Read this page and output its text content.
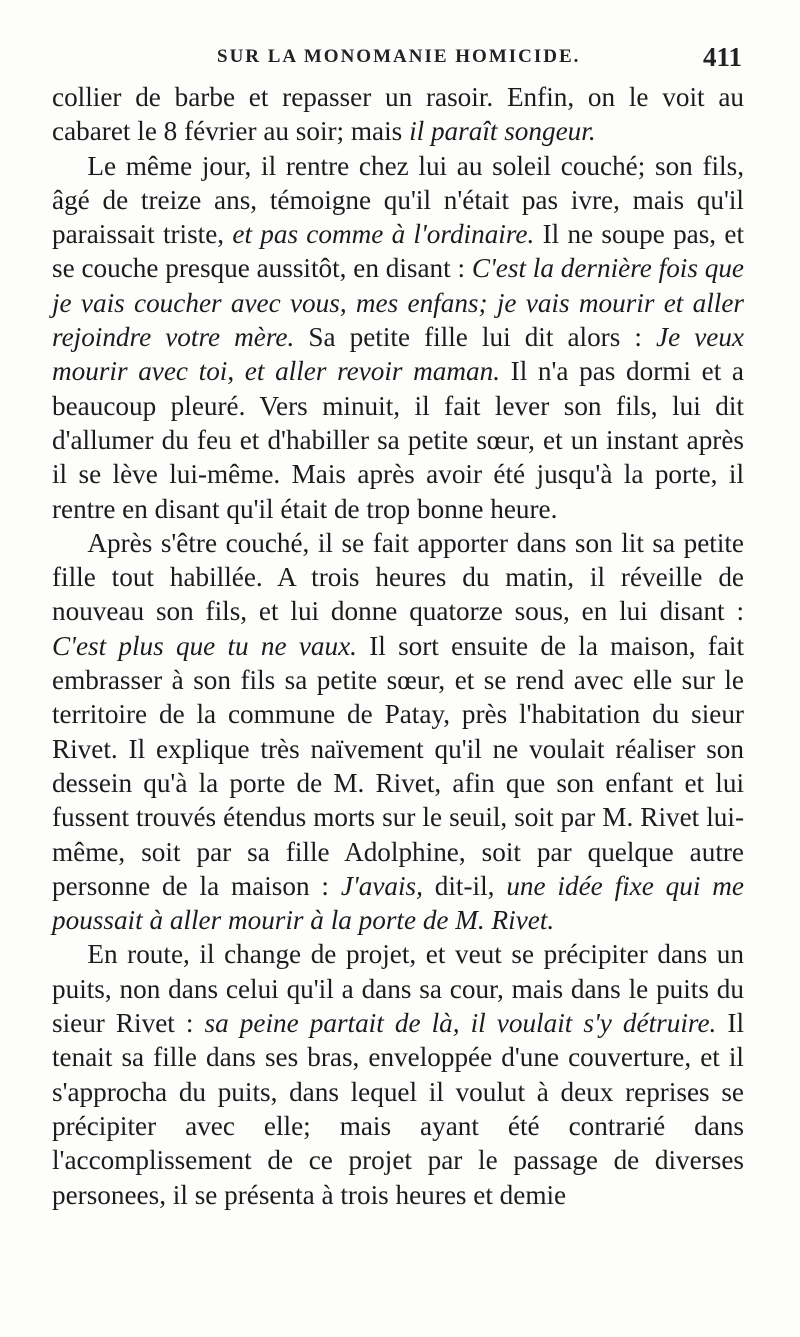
SUR LA MONOMANIE HOMICIDE.	411

collier de barbe et repasser un rasoir. Enfin, on le voit au cabaret le 8 février au soir; mais il paraît songeur.

Le même jour, il rentre chez lui au soleil couché; son fils, âgé de treize ans, témoigne qu'il n'était pas ivre, mais qu'il paraissait triste, et pas comme à l'ordinaire. Il ne soupe pas, et se couche presque aussitôt, en disant : C'est la dernière fois que je vais coucher avec vous, mes enfans; je vais mourir et aller rejoindre votre mère. Sa petite fille lui dit alors : Je veux mourir avec toi, et aller revoir maman. Il n'a pas dormi et a beaucoup pleuré. Vers minuit, il fait lever son fils, lui dit d'allumer du feu et d'habiller sa petite sœur, et un instant après il se lève lui-même. Mais après avoir été jusqu'à la porte, il rentre en disant qu'il était de trop bonne heure.

Après s'être couché, il se fait apporter dans son lit sa petite fille tout habillée. A trois heures du matin, il réveille de nouveau son fils, et lui donne quatorze sous, en lui disant : C'est plus que tu ne vaux. Il sort ensuite de la maison, fait embrasser à son fils sa petite sœur, et se rend avec elle sur le territoire de la commune de Patay, près l'habitation du sieur Rivet. Il explique très naïvement qu'il ne voulait réaliser son dessein qu'à la porte de M. Rivet, afin que son enfant et lui fussent trouvés étendus morts sur le seuil, soit par M. Rivet lui-même, soit par sa fille Adolphine, soit par quelque autre personne de la maison : J'avais, dit-il, une idée fixe qui me poussait à aller mourir à la porte de M. Rivet.

En route, il change de projet, et veut se précipiter dans un puits, non dans celui qu'il a dans sa cour, mais dans le puits du sieur Rivet : sa peine partait de là, il voulait s'y détruire. Il tenait sa fille dans ses bras, enveloppée d'une couverture, et il s'approcha du puits, dans lequel il voulut à deux reprises se précipiter avec elle; mais ayant été contrarié dans l'accomplissement de ce projet par le passage de diverses personees, il se présenta à trois heures et demie
